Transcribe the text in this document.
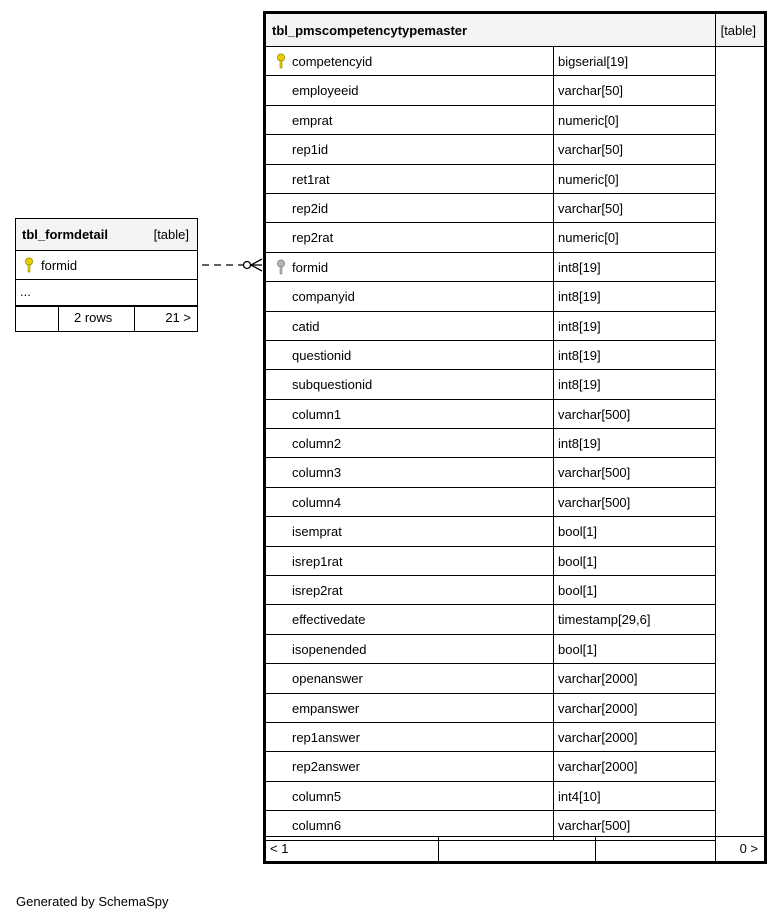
tbl_pmscompetencytypemaster	[table]
competencyid	bigserial[19]
employeeid	varchar[50]
emprat	numeric[0]
rep1id	varchar[50]
ret1rat	numeric[0]
rep2id	varchar[50]
rep2rat	numeric[0]
formid	int8[19]
companyid	int8[19]
catid	int8[19]
questionid	int8[19]
subquestionid	int8[19]
column1	varchar[500]
column2	int8[19]
column3	varchar[500]
column4	varchar[500]
isemprat	bool[1]
isrep1rat	bool[1]
isrep2rat	bool[1]
effectivedate	timestamp[29,6]
isopenended	bool[1]
openanswer	varchar[2000]
empanswer	varchar[2000]
rep1answer	varchar[2000]
rep2answer	varchar[2000]
column5	int4[10]
column6	varchar[500]
< 1	0 >
tbl_formdetail	[table]
formid
...
2 rows	21 >
Generated by SchemaSpy
